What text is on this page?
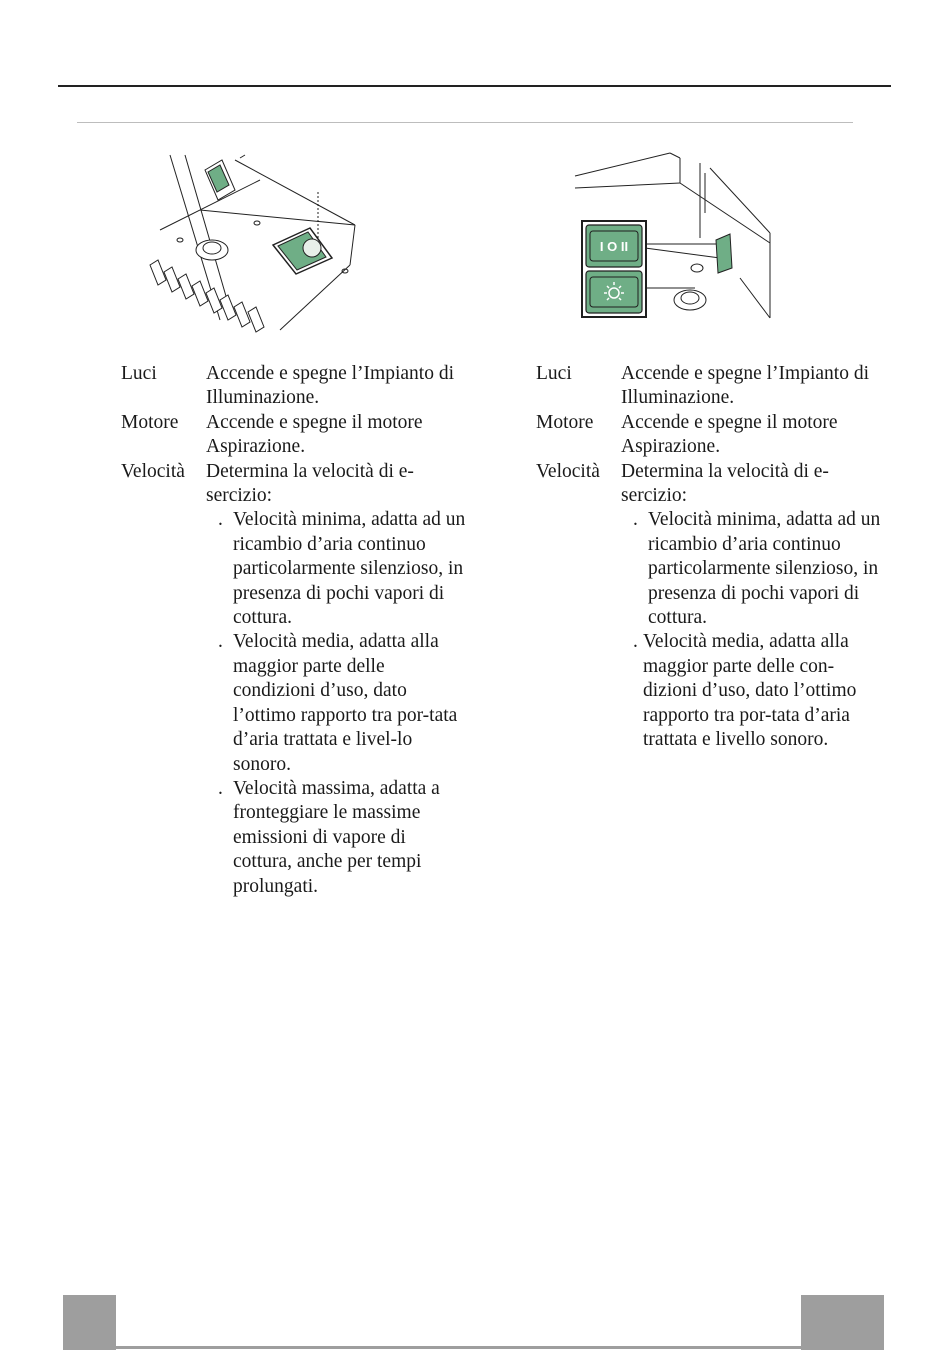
I O II
Luci	Accende e spegne l’Impianto di Illuminazione.
Motore	Accende e spegne il motore Aspirazione.
Velocità	Determina la velocità di e-sercizio:
. Velocità minima, adatta ad un ricambio d’aria continuo particolarmente silenzioso, in presenza di pochi vapori di cottura.
. Velocità media, adatta alla maggior parte delle condizioni d’uso, dato l’ottimo rapporto tra por-tata d’aria trattata e livel-lo sonoro.
. Velocità massima, adatta a fronteggiare le massime emissioni di vapore di cottura, anche per tempi prolungati.
Luci	Accende e spegne l’Impianto di Illuminazione.
Motore	Accende e spegne il motore Aspirazione.
Velocità	Determina la velocità di e-sercizio:
. Velocità minima, adatta ad un ricambio d’aria continuo particolarmente silenzioso, in presenza di pochi vapori di cottura.
. Velocità media, adatta alla maggior parte delle con-dizioni d’uso, dato l’ottimo rapporto tra por-tata d’aria trattata e livello sonoro.
